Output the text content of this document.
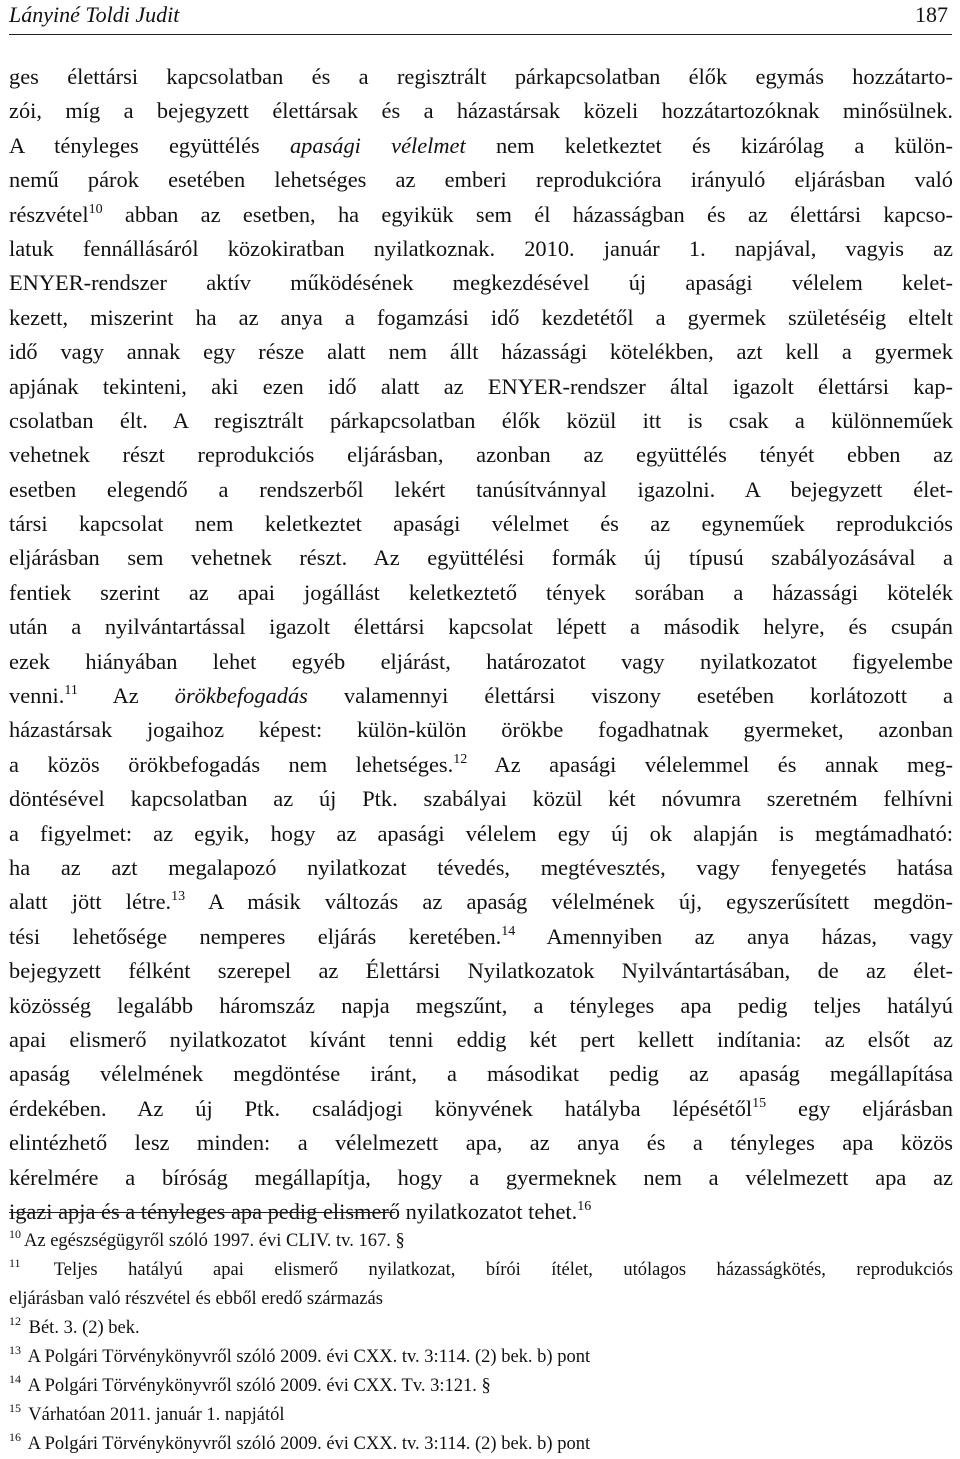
Lányiné Toldi Judit	187
ges élettársi kapcsolatban és a regisztrált párkapcsolatban élők egymás hozzátarto-
zói, míg a bejegyzett élettársak és a házastársak közeli hozzátartozóknak minősülnek.
A tényleges együttélés apasági vélelmet nem keletkeztet és kizárólag a külön-
nemű párok esetében lehetséges az emberi reprodukcióra irányuló eljárásban való
részvétel$^{10}$ abban az esetben, ha egyikük sem él házasságban és az élettársi kapcso-
latuk fennállásáról közokiratban nyilatkoznak. 2010. január 1. napjával, vagyis az
ENYER-rendszer aktív működésének megkezdésével új apasági vélelem kelet-
kezett, miszerint ha az anya a fogamzási idő kezdetétől a gyermek születéséig eltelt
idő vagy annak egy része alatt nem állt házassági kötelékben, azt kell a gyermek
apjának tekinteni, aki ezen idő alatt az ENYER-rendszer által igazolt élettársi kap-
csolatban élt. A regisztrált párkapcsolatban élők közül itt is csak a különneműek
vehetnek részt reprodukciós eljárásban, azonban az együttélés tényét ebben az
esetben elegendő a rendszerből lekért tanúsítvánnyal igazolni. A bejegyzett élet-
társi kapcsolat nem keletkeztet apasági vélelmet és az egyneműek reprodukciós
eljárásban sem vehetnek részt. Az együttélési formák új típusú szabályozásával a
fentiek szerint az apai jogállást keletkeztető tények sorában a házassági kötelék
után a nyilvántartással igazolt élettársi kapcsolat lépett a második helyre, és csupán
ezek hiányában lehet egyéb eljárást, határozatot vagy nyilatkozatot figyelembe
venni.$^{11}$ Az örökbefogadás valamennyi élettársi viszony esetében korlátozott a
házastársak jogaihoz képest: külön-külön örökbe fogadhatnak gyermeket, azonban
a közös örökbefogadás nem lehetséges.$^{12}$ Az apasági vélelemmel és annak meg-
döntésével kapcsolatban az új Ptk. szabályai közül két nóvumra szeretném felhívni
a figyelmet: az egyik, hogy az apasági vélelem egy új ok alapján is megtámadható:
ha az azt megalapozó nyilatkozat tévedés, megtévesztés, vagy fenyegetés hatása
alatt jött létre.$^{13}$ A másik változás az apaság vélelmének új, egyszerűsített megdön-
tési lehetősége nemperes eljárás keretében.$^{14}$ Amennyiben az anya házas, vagy
bejegyzett félként szerepel az Élettársi Nyilatkozatok Nyilvántartásában, de az élet-
közösség legalább háromszáz napja megszűnt, a tényleges apa pedig teljes hatályú
apai elismerő nyilatkozatot kívánt tenni eddig két pert kellett indítania: az elsőt az
apaság vélelmének megdöntése iránt, a másodikat pedig az apaság megállapítása
érdekében. Az új Ptk. családjogi könyvének hatályba lépésétől$^{15}$ egy eljárásban
elintézhető lesz minden: a vélelmezett apa, az anya és a tényleges apa közös
kérelmére a bíróság megállapítja, hogy a gyermeknek nem a vélelmezett apa az
igazi apja és a tényleges apa pedig elismerő nyilatkozatot tehet.$^{16}$
$^{10}$ Az egészségügyről szóló 1997. évi CLIV. tv. 167. §
$^{11}$ Teljes hatályú apai elismerő nyilatkozat, bírói ítélet, utólagos házasságkötés, reprodukciós
eljárásban való részvétel és ebből eredő származás
$^{12}$ Bét. 3. (2) bek.
$^{13}$ A Polgári Törvénykönyvről szóló 2009. évi CXX. tv. 3:114. (2) bek. b) pont
$^{14}$ A Polgári Törvénykönyvről szóló 2009. évi CXX. Tv. 3:121. §
$^{15}$ Várhatóan 2011. január 1. napjától
$^{16}$ A Polgári Törvénykönyvről szóló 2009. évi CXX. tv. 3:114. (2) bek. b) pont
